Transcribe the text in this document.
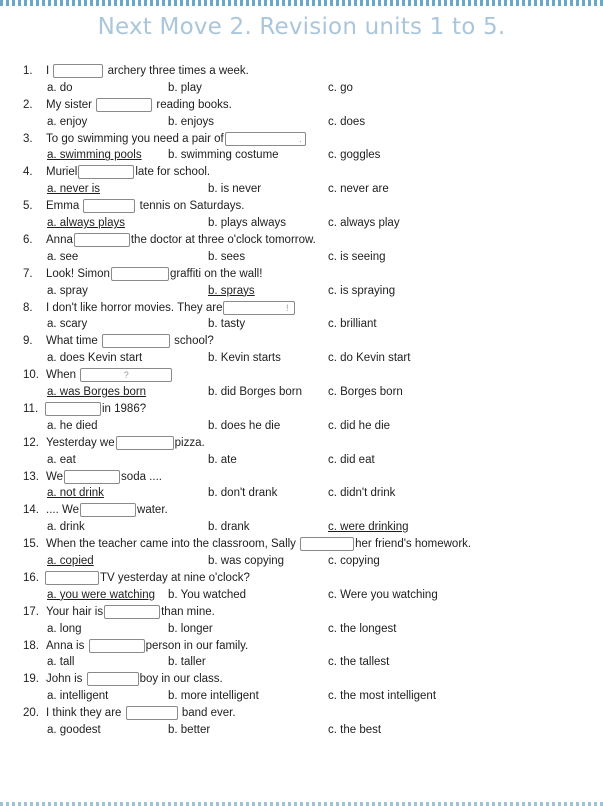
Next Move 2. Revision units 1 to 5.
1. I	archery three times a week.
a. do	b. play	c. go
2. My sister	reading books.
a. enjoy	b. enjoys	c. does
3. To go swimming you need a pair of	.
a. swimming pools b. swimming costume	c. goggles
4. Muriel	late for school.
a. never is	b. is never	c. never are
5. Emma	tennis on Saturdays.
a. always plays	b. plays always	c. always play
6. Anna	the doctor at three o'clock tomorrow.
a. see	b. sees	c. is seeing
7. Look! Simon	graffiti on the wall!
a. spray	b. sprays	c. is spraying
8. I don't like horror movies. They are	!
a. scary	b. tasty	c. brilliant
9. What time	school?
a. does Kevin start	b. Kevin starts	c. do Kevin start
10. When	?
a. was Borges born	b. did Borges born c. Borges born
11.	in 1986?
a. he died	b. does he die	c. did he die
12. Yesterday we	pizza.
a. eat	b. ate	c. did eat
13. We	soda ....
a. not drink	b. don't drank	c. didn't drink
14. .... We	water.
a. drink	b. drank	c. were drinking
15. When the teacher came into the classroom, Sally	her friend's homework.
a. copied	b. was copying	c. copying
16.	TV yesterday at nine o'clock?
a. you were watching b. You watched	c. Were you watching
17. Your hair is	than mine.
a. long	b. longer	c. the longest
18. Anna is	person in our family.
a. tall	b. taller	c. the tallest
19. John is	boy in our class.
a. intelligent	b. more intelligent	c. the most intelligent
20. I think they are	band ever.
a. goodest	b. better	c. the best
